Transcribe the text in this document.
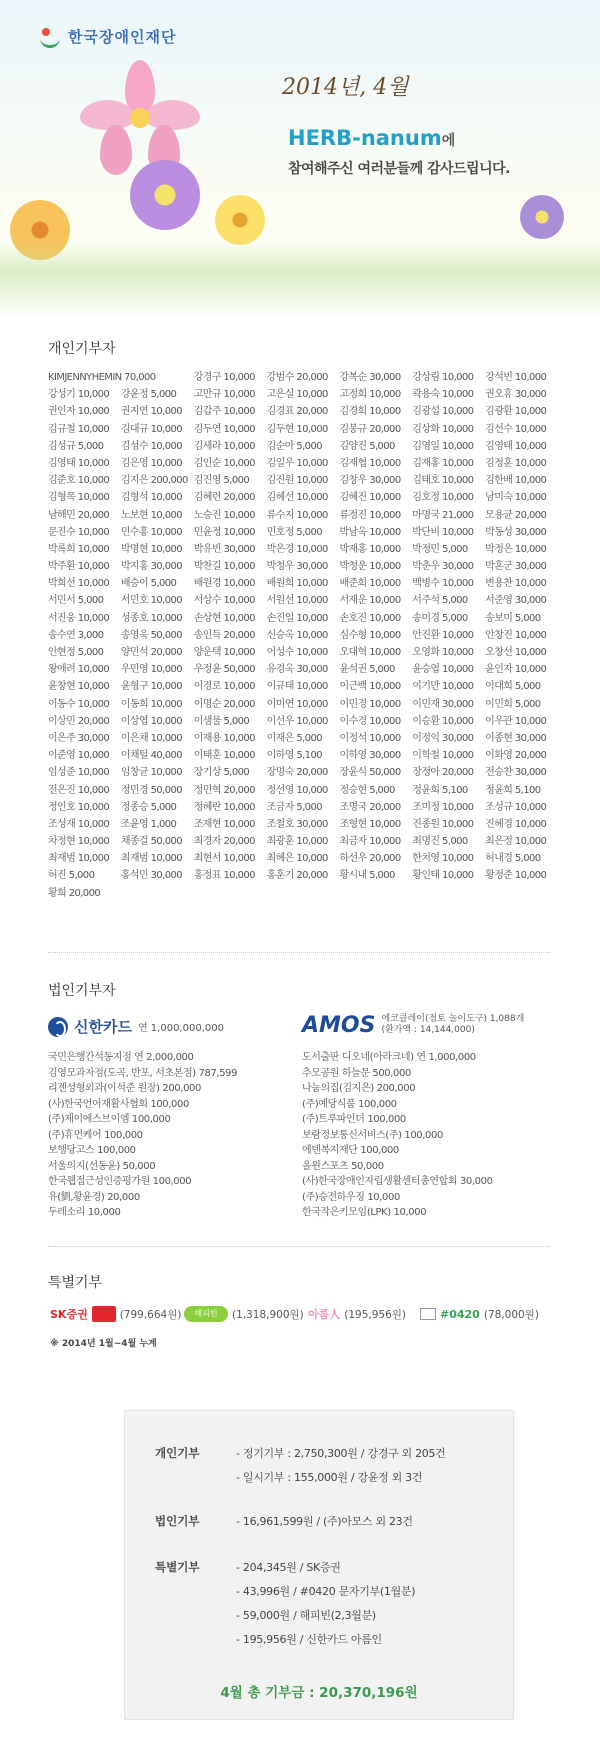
한국장애인재단
2014년, 4월
HERB-nanum에
참여해주신 여러분들께 감사드립니다.
개인기부자
KIMJENNYHEMIN 70,000	강경구 10,000	강범수 20,000	강복순 30,000	강상림 10,000	강석빈 10,000
강성기 10,000	강윤정 5,000	고만규 10,000	고은실 10,000	고정희 10,000	곽용숙 10,000	권오휴 30,000
권인자 10,000	권지연 10,000	김갑주 10,000	김경표 20,000	김경희 10,000	김광섭 10,000	김광환 10,000
김규철 10,000	김대규 10,000	김두연 10,000	김두현 10,000	김봉규 20,000	김상화 10,000	김선수 10,000
김성규 5,000	김성수 10,000	김세라 10,000	김순아 5,000	김양진 5,000	김영일 10,000	김영태 10,000
김영태 10,000	김은영 10,000	김인순 10,000	김일우 10,000	김재협 10,000	김재홍 10,000	김정훈 10,000
김준호 10,000	김지은 200,000 김진영 5,000	김진원 10,000	김창우 30,000	김태호 10,000	김한배 10,000
김형목 10,000	김형석 10,000	김혜련 20,000	김혜선 10,000	김혜진 10,000	김호정 10,000	남미숙 10,000
남해민 20,000	노보현 10,000	노승진 10,000	류수지 10,000	류정진 10,000	마명국 21,000	모용균 20,000
문진수 10,000	민수홍 10,000	민윤정 10,000	민호정 5,000	박남옥 10,000	박단비 10,000	박동성 30,000
박록희 10,000	박명현 10,000	박유빈 30,000	박은경 10,000	박재홍 10,000	박정민 5,000	박정은 10,000
박주환 10,000	박지홍 30,000	박찬길 10,000	박청우 30,000	박청운 10,000	박춘우 30,000	박혼군 30,000
박희선 10,000	배승이 5,000	배원경 10,000	배원희 10,000	배준희 10,000	백병수 10,000	변용찬 10,000
서민서 5,000	서민호 10,000	서상수 10,000	서원선 10,000	서재운 10,000	서주석 5,000	서준영 30,000
서진웅 10,000	성종호 10,000	손상현 10,000	손진일 10,000	손호진 10,000	송미경 5,000	송보미 5,000
송수연 3,000	송영욱 50,000	송인득 20,000	신승옥 10,000	심수형 10,000	안진환 10,000	안창진 10,000
안현정 5,000	양민석 20,000	양운택 10,000	어성수 10,000	오대혁 10,000	오영화 10,000	오창선 10,000
왕애려 10,000	우민영 10,000	우정윤 50,000	유경옥 30,000	윤석권 5,000	윤승엽 10,000	윤인자 10,000
윤창현 10,000	윤형구 10,000	이경로 10,000	이규태 10,000	이근백 10,000	이기만 10,000	이대희 5,000
이동수 10,000	이동희 10,000	이명순 20,000	이미연 10,000	이민경 10,000	이민재 30,000	이민희 5,000
이상민 20,000	이상엽 10,000	이샘물 5,000	이선우 10,000	이수경 10,000	이승환 10,000	이우관 10,000
이은주 30,000	이은채 10,000	이재용 10,000	이재은 5,000	이정석 10,000	이정익 30,000	이종현 30,000
이준영 10,000	이채털 40,000	이태훈 10,000	이하영 5,100	이하영 30,000	이학철 10,000	이화영 20,000
임성준 10,000	임창균 10,000	장기상 5,000	장명숙 20,000	장윤식 50,000	장정아 20,000	전승찬 30,000
전은진 10,000	정민경 50,000	정민혁 20,000	정선영 10,000	정승현 5,000	정윤희 5,100	정윤희 5,100
정인호 10,000	정종승 5,000	정혜란 10,000	조금자 5,000	조명국 20,000	조미정 10,000	조성규 10,000
조성재 10,000	조윤영 1,000	조재현 10,000	조철호 30,000	조형현 10,000	진종원 10,000	진혜경 10,000
차정현 10,000	채종걸 50,000	최경자 20,000	최광훈 10,000	최금자 10,000	최명진 5,000	최은정 10,000
최재범 10,000	최재범 10,000	최현서 10,000	최혜은 10,000	하선우 20,000	한치영 10,000	허내경 5,000
허진 5,000	홍석민 30,000	홍정표 10,000	홍훈기 20,000	황시내 5,000	황인태 10,000	황정준 10,000
황희 20,000
법인기부자
신한카드 연 1,000,000,000	AMOS 에코클레이(점토 놀이도구) 1,088개
(환가액 : 14,144,000)
국민은행간석동지점 연 2,000,000
김영모과자점(도곡, 반포, 서초본점) 787,599
리젠성형외과(이석준 원장) 200,000
(사)한국언어재활사협회 100,000
(주)제이에스브이엠 100,000
(주)휴먼케어 100,000
보행당고스 100,000
서울의지(선동윤) 50,000
한국웹접근성인증평가원 100,000
유(劉,황윤경) 20,000
두레소리 10,000
도서출판 디오네(아라크네) 연 1,000,000
추모공원 하늘문 500,000
나눔의집(김지은) 200,000
(주)예당식품 100,000
(주)트루파인더 100,000
보람정보통신서비스(주) 100,000
에덴복지재단 100,000
올윈스포츠 50,000
(사)한국장애인자립생활센터총연합회 30,000
(주)승전하우징 10,000
한국작은키모임(LPK) 10,000
특별기부
SK증권	(799,664원)	해피빈	(1,318,900원) 아름人 (195,956원)	#0420 (78,000원)
※ 2014년 1월~4월 누계
개인기부	- 정기기부 : 2,750,300원 / 강경구 외 205건
- 일시기부 : 155,000원 / 강윤정 외 3건
법인기부	- 16,961,599원 / (주)아모스 외 23건
특별기부	- 204,345원 / SK증권
- 43,996원 / #0420 문자기부(1월분)
- 59,000원 / 해피빈(2,3월분)
- 195,956원 / 신한카드 아름인
4월 총 기부금 : 20,370,196원
